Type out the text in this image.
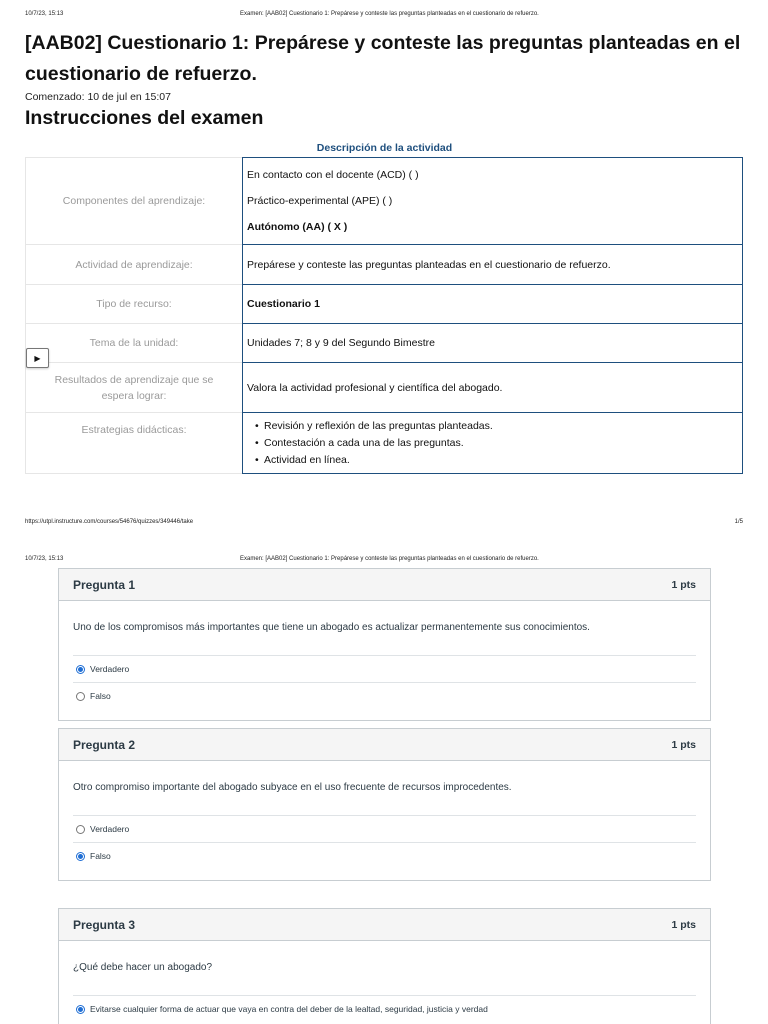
10/7/23, 15:13	Examen: [AAB02] Cuestionario 1: Prepárese y conteste las preguntas planteadas en el cuestionario de refuerzo.
[AAB02] Cuestionario 1: Prepárese y conteste las preguntas planteadas en el cuestionario de refuerzo.
Comenzado: 10 de jul en 15:07
Instrucciones del examen
Descripción de la actividad
Componentes del aprendizaje:
En contacto con el docente (ACD) ( )
Práctico-experimental (APE) ( )
Autónomo (AA) ( X )
Actividad de aprendizaje:	Prepárese y conteste las preguntas planteadas en el cuestionario de refuerzo.
Tipo de recurso:	Cuestionario 1
Tema de la unidad:	Unidades 7; 8 y 9 del Segundo Bimestre
Resultados de aprendizaje que se espera lograr:
Valora la actividad profesional y científica del abogado.
Estrategias didácticas:
•	Revisión y reflexión de las preguntas planteadas.
• Contestación a cada una de las preguntas.
• Actividad en línea.
▶
https://utpl.instructure.com/courses/54676/quizzes/349446/take	1/5
10/7/23, 15:13	Examen: [AAB02] Cuestionario 1: Prepárese y conteste las preguntas planteadas en el cuestionario de refuerzo.
Pregunta 1	1 pts
Uno de los compromisos más importantes que tiene un abogado es actualizar permanentemente sus conocimientos.
Verdadero
Falso
Pregunta 2	1 pts
Otro compromiso importante del abogado subyace en el uso frecuente de recursos improcedentes.
Verdadero
Falso
Pregunta 3	1 pts
¿Qué debe hacer un abogado?
Evitarse cualquier forma de actuar que vaya en contra del deber de la lealtad, seguridad, justicia y verdad
